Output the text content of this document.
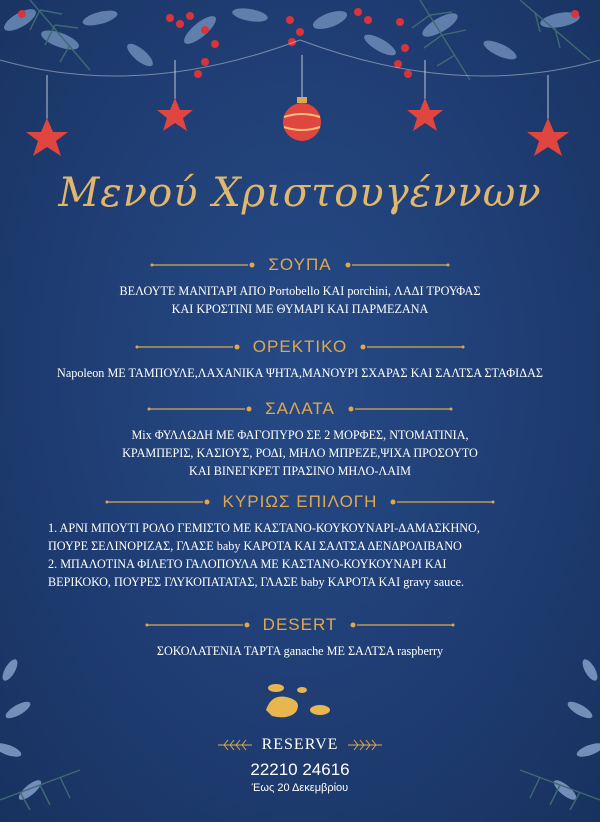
Μενού Χριστουγέννων
ΣΟΥΠΑ
ΒΕΛΟΥΤΕ ΜΑΝΙΤΑΡΙ ΑΠΟ Portobello ΚΑΙ porchini, ΛΑΔΙ ΤΡΟΥΦΑΣ
ΚΑΙ ΚΡΟΣΤΙΝΙ ΜΕ ΘΥΜΑΡΙ ΚΑΙ ΠΑΡΜΕΖΑΝΑ
ΟΡΕΚΤΙΚΟ
Napoleon ΜΕ ΤΑΜΠΟΥΛΕ,ΛΑΧΑΝΙΚΑ ΨΗΤΑ,ΜΑΝΟΥΡΙ ΣΧΑΡΑΣ ΚΑΙ ΣΑΛΤΣΑ ΣΤΑΦΙΔΑΣ
ΣΑΛΑΤΑ
Mix ΦΥΛΛΩΔΗ ΜΕ ΦΑΓΟΠΥΡΟ ΣΕ 2 ΜΟΡΦΕΣ, ΝΤΟΜΑΤΙΝΙΑ,
ΚΡΑΜΠΕΡΙΣ, ΚΑΣΙΟΥΣ, ΡΟΔΙ, ΜΗΛΟ ΜΠΡΕΖΕ,ΨΙΧΑ ΠΡΟΣΟΥΤΟ
ΚΑΙ ΒΙΝΕΓΚΡΕΤ ΠΡΑΣΙΝΟ ΜΗΛΟ-ΛΑΙΜ
ΚΥΡΙΩΣ ΕΠΙΛΟΓΗ
1. ΑΡΝΙ ΜΠΟΥΤΙ ΡΟΛΟ ΓΕΜΙΣΤΟ ΜΕ ΚΑΣΤΑΝΟ-ΚΟΥΚΟΥΝΑΡΙ-ΔΑΜΑΣΚΗΝΟ,
ΠΟΥΡΕ ΣΕΛΙΝΟΡΙΖΑΣ, ΓΛΑΣΕ baby ΚΑΡΟΤΑ ΚΑΙ ΣΑΛΤΣΑ ΔΕΝΔΡΟΛΙΒΑΝΟ
2. ΜΠΑΛΟΤΙΝΑ ΦΙΛΕΤΟ ΓΑΛΟΠΟΥΛΑ ΜΕ ΚΑΣΤΑΝΟ-ΚΟΥΚΟΥΝΑΡΙ ΚΑΙ
ΒΕΡΙΚΟΚΟ, ΠΟΥΡΕΣ ΓΛΥΚΟΠΑΤΑΤΑΣ, ΓΛΑΣΕ baby ΚΑΡΟΤΑ ΚΑΙ gravy sauce.
DESERT
ΣΟΚΟΛΑΤΕΝΙΑ ΤΑΡΤΑ ganache ΜΕ ΣΑΛΤΣΑ raspberry
RESERVE
22210 24616
Έως 20 Δεκεμβρίου
